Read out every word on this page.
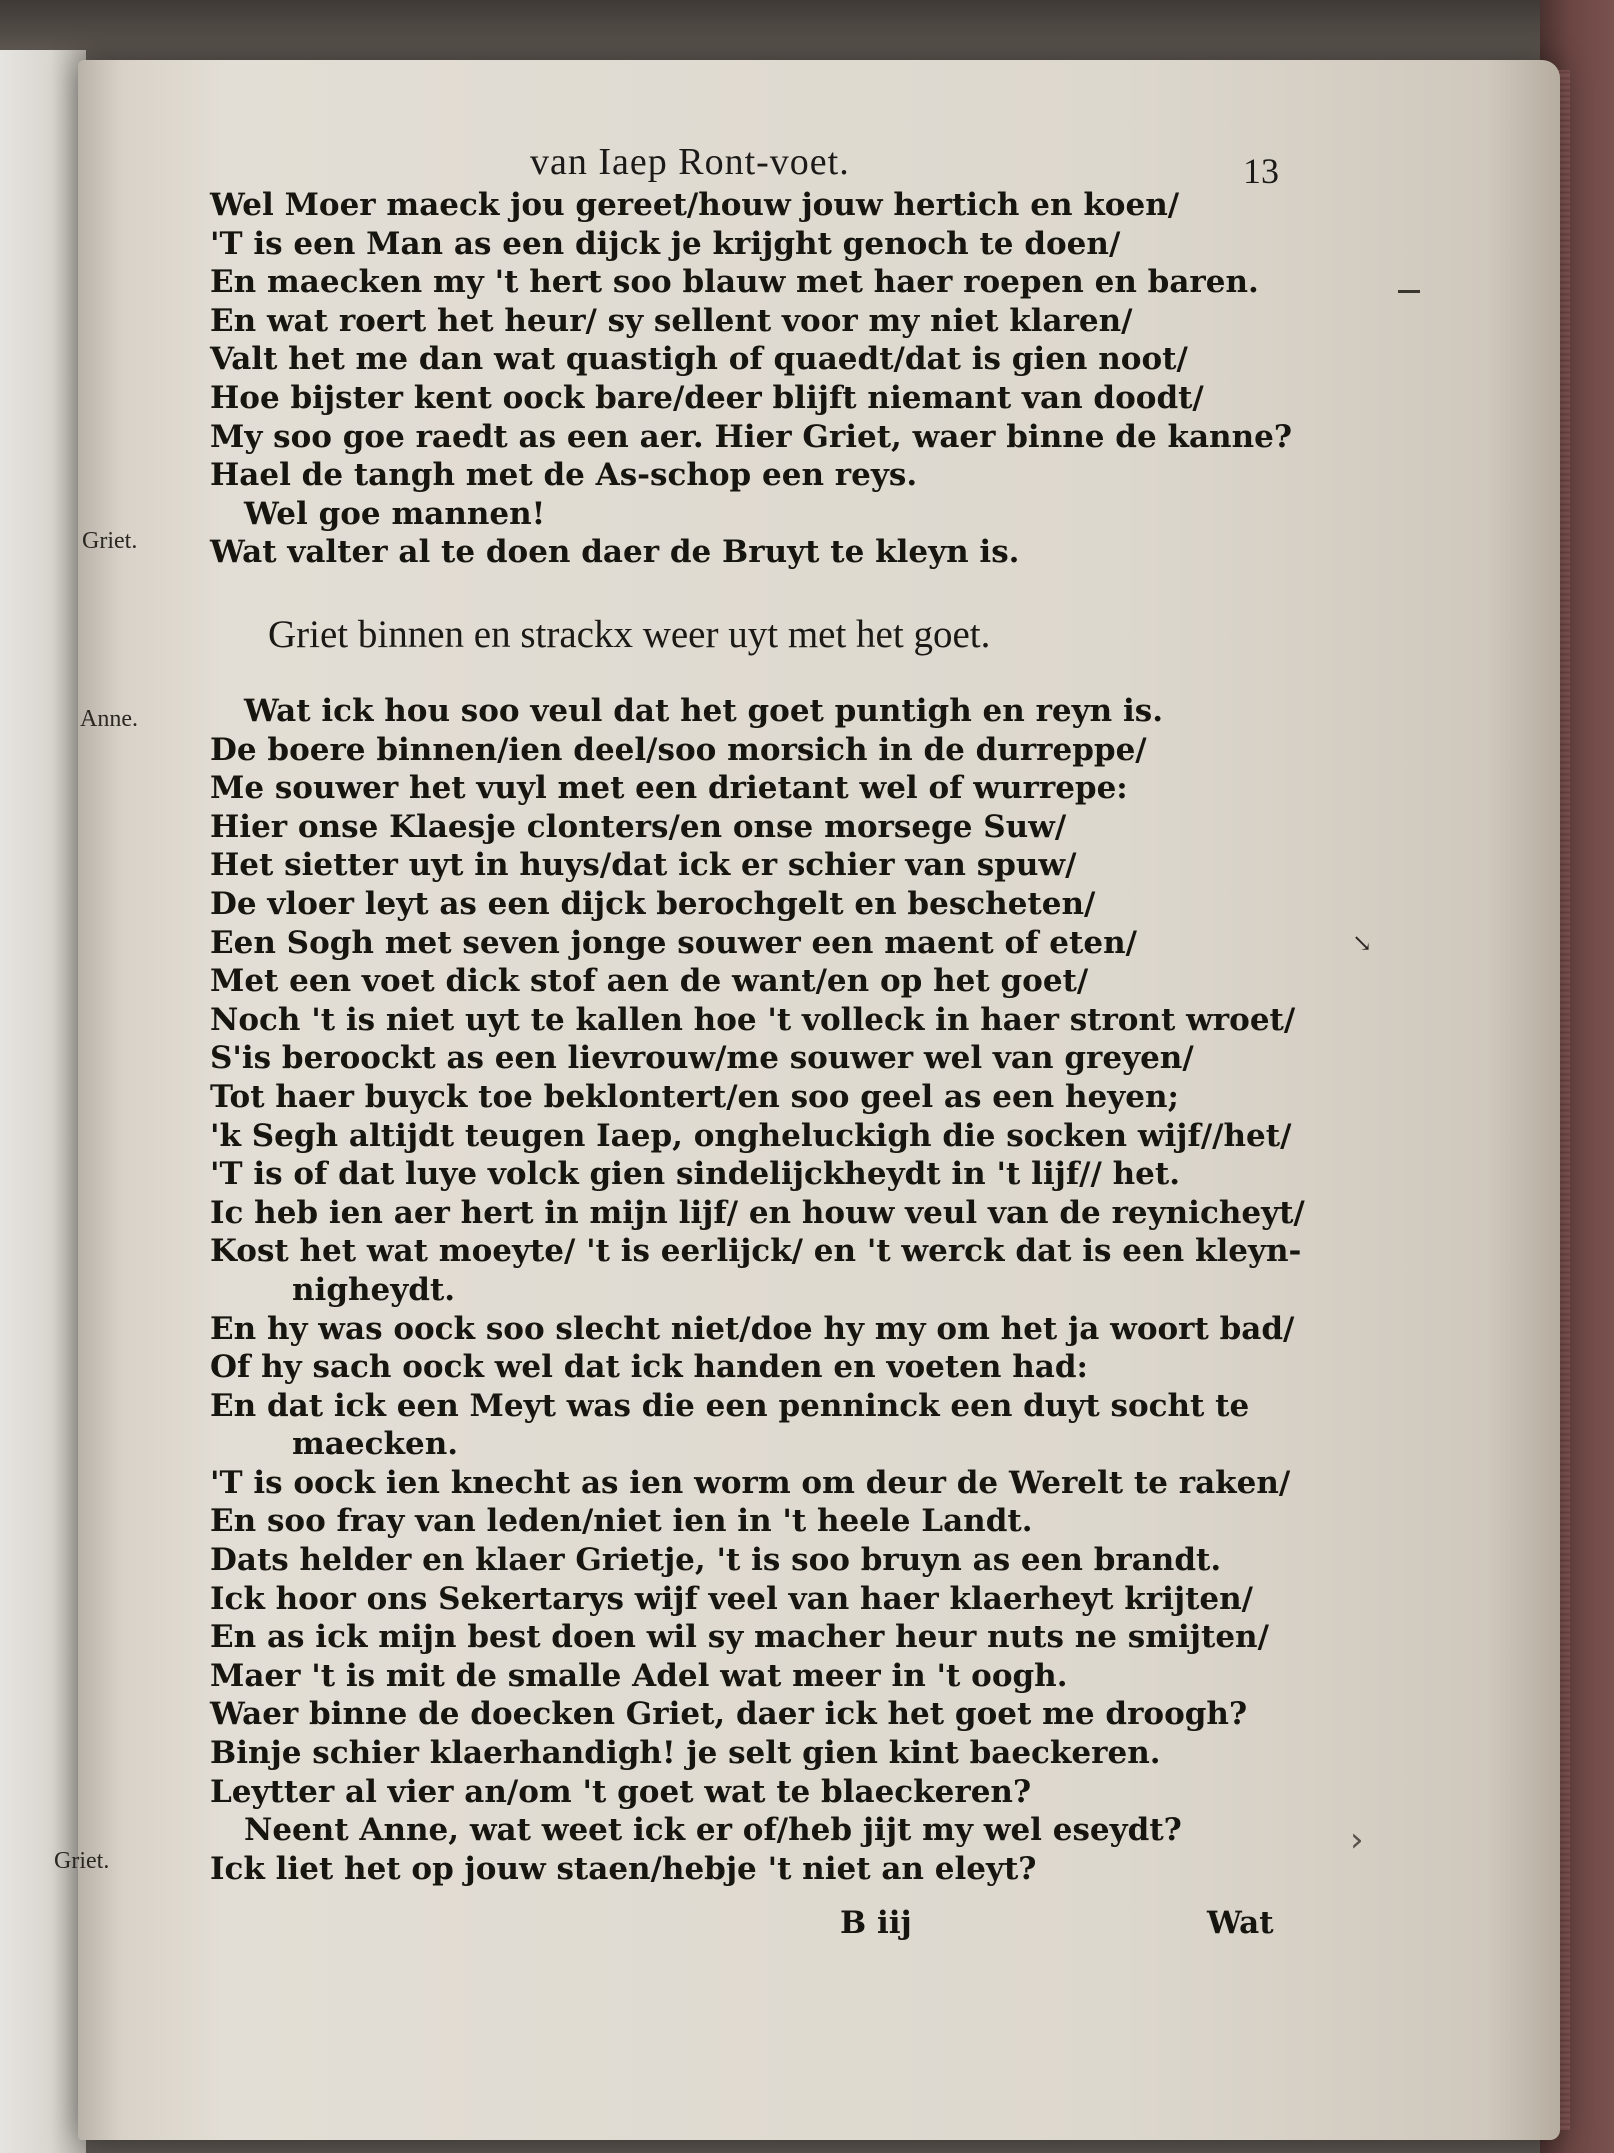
van Iaep Ront-voet.	13
Griet.
Anne.
Griet.
Wel Moer maeck jou gereet/houw jouw hertich en koen/
'T is een Man as een dijck je krijght genoch te doen/
En maecken my 't hert soo blauw met haer roepen en baren.
En wat roert het heur/ sy sellent voor my niet klaren/
Valt het me dan wat quastigh of quaedt/dat is gien noot/
Hoe bijster kent oock bare/deer blijft niemant van doodt/
My soo goe raedt as een aer. Hier Griet, waer binne de kanne?
Hael de tangh met de As-schop een reys.
Wel goe mannen!
Wat valter al te doen daer de Bruyt te kleyn is.
Griet binnen en strackx weer uyt met het goet.
Wat ick hou soo veul dat het goet puntigh en reyn is.
De boere binnen/ien deel/soo morsich in de durreppe/
Me souwer het vuyl met een drietant wel of wurrepe:
Hier onse Klaesje clonters/en onse morsege Suw/
Het sietter uyt in huys/dat ick er schier van spuw/
De vloer leyt as een dijck berochgelt en bescheten/
Een Sogh met seven jonge souwer een maent of eten/
Met een voet dick stof aen de want/en op het goet/
Noch 't is niet uyt te kallen hoe 't volleck in haer stront wroet/
S'is beroockt as een lievrouw/me souwer wel van greyen/
Tot haer buyck toe beklontert/en soo geel as een heyen;
'k Segh altijdt teugen Iaep, ongheluckigh die socken wijf//het/
'T is of dat luye volck gien sindelijckheydt in 't lijf// het.
Ic heb ien aer hert in mijn lijf/ en houw veul van de reynicheyt/
Kost het wat moeyte/ 't is eerlijck/ en 't werck dat is een kleyn-
nigheydt.
En hy was oock soo slecht niet/doe hy my om het ja woort bad/
Of hy sach oock wel dat ick handen en voeten had:
En dat ick een Meyt was die een penninck een duyt socht te
maecken.
'T is oock ien knecht as ien worm om deur de Werelt te raken/
En soo fray van leden/niet ien in 't heele Landt.
Dats helder en klaer Grietje, 't is soo bruyn as een brandt.
Ick hoor ons Sekertarys wijf veel van haer klaerheyt krijten/
En as ick mijn best doen wil sy macher heur nuts ne smijten/
Maer 't is mit de smalle Adel wat meer in 't oogh.
Waer binne de doecken Griet, daer ick het goet me droogh?
Binje schier klaerhandigh! je selt gien kint baeckeren.
Leytter al vier an/om 't goet wat te blaeckeren?
Neent Anne, wat weet ick er of/heb jijt my wel eseydt?
Ick liet het op jouw staen/hebje 't niet an eleyt?
B iij	Wat
↘
›
